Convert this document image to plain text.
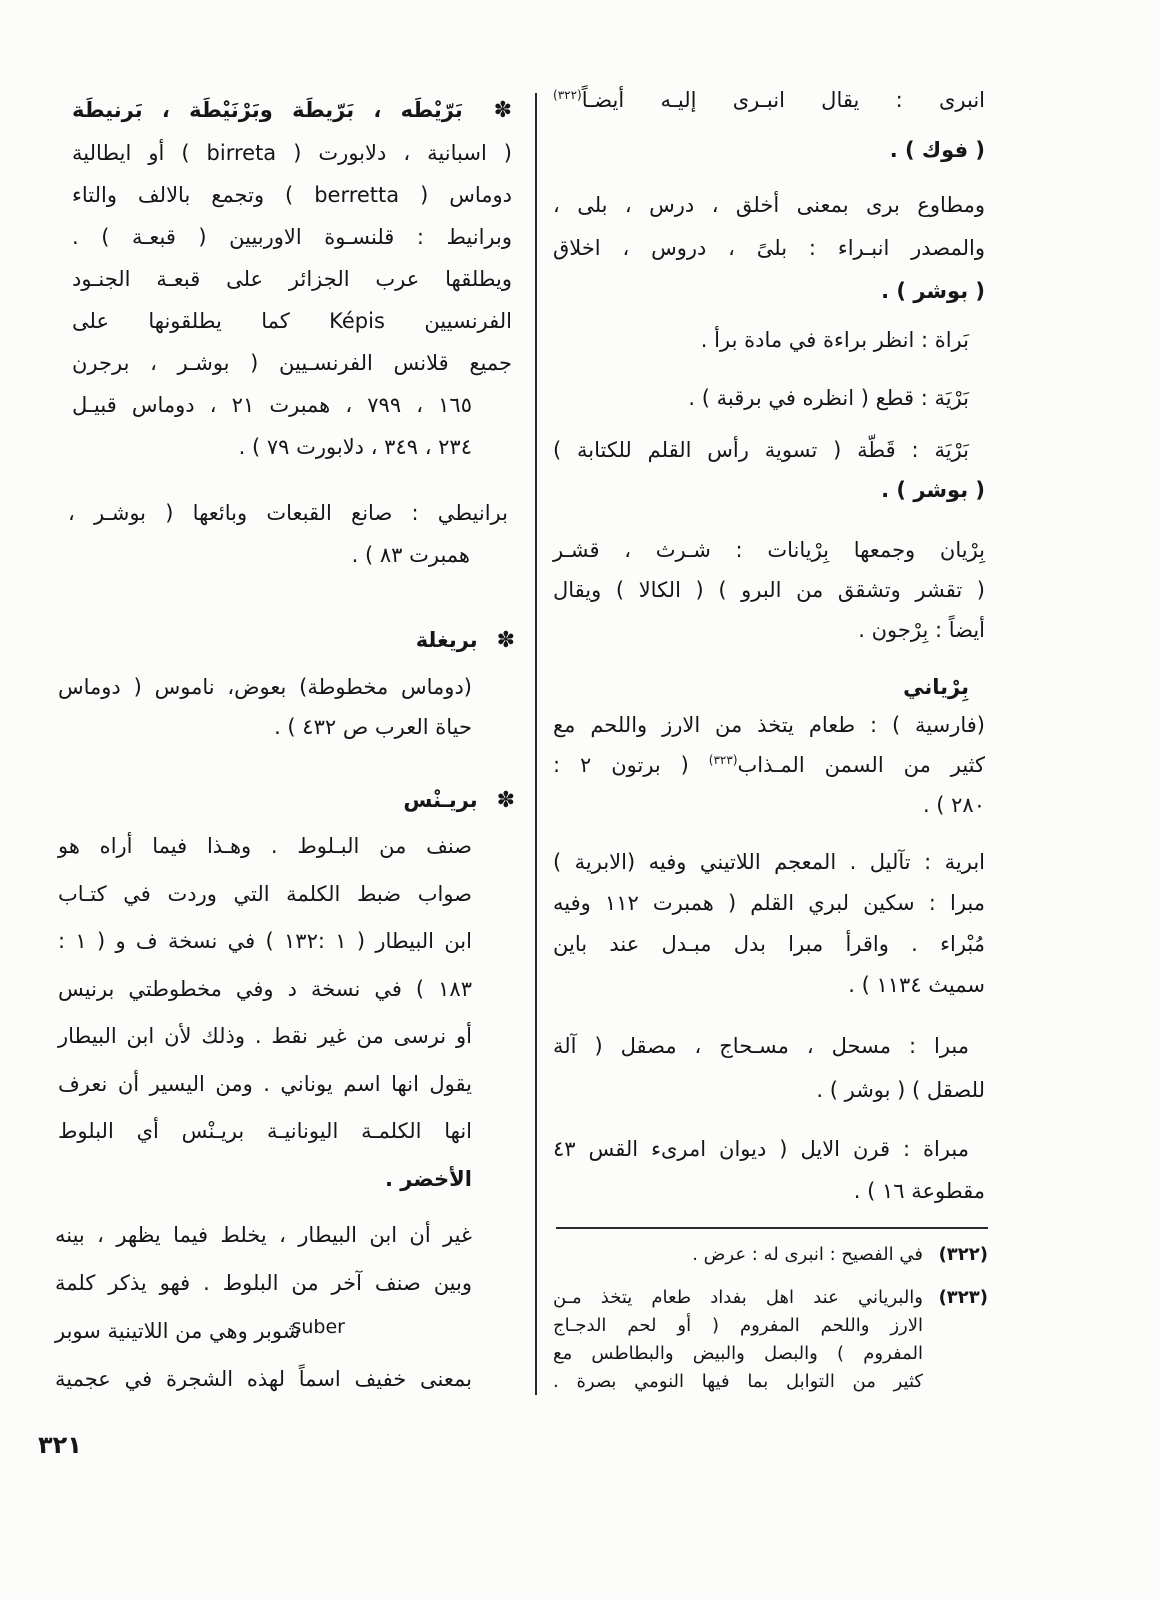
انبرى : يقال انبـرى إليـه أيضـاً$^{(٣٢٢)}$
( فوك ) .
ومطاوع برى بمعنى أخلق ، درس ، بلى ،
والمصدر انبـراء : بلىً ، دروس ، اخلاق
( بوشر ) .
بَراة : انظر براءة في مادة برأ .
بَرْيَة : قطع ( انظره في برقبة ) .
بَرْيَة : قَطّة ( تسوية رأس القلم للكتابة )
( بوشر ) .
بِرْيان وجمعها بِرْيانات : شـرث ، قشـر
( تقشر وتشقق من البرو ) ( الكالا ) ويقال
أيضاً : بِرْجون .
بِرْياني
(فارسية ) : طعام يتخذ من الارز واللحم مع
كثير من السمن المـذاب$^{(٣٢٣)}$ ( برتون ٢ :
٢٨٠ ) .
ابرية : تآليل . المعجم اللاتيني وفيه (الابرية )
مبرا : سكين لبري القلم ( همبرت ١١٢ وفيه
مُبْراء . واقرأ مبرا بدل مبـدل عند باين
سميث ١١٣٤ ) .
مبرا : مسحل ، مسـحاج ، مصقل ( آلة
للصقل ) ( بوشر ) .
مبراة : قرن الايل ( ديوان امرىء القس ٤٣
مقطوعة ١٦ ) .
(٣٢٢)
في الفصيح : انبرى له : عرض .
(٣٢٣)
والبرياني عند اهل بفداد طعام يتخذ مـن
الارز واللحم المفروم ( أو لحم الدجـاج
المفروم ) والبصل والبيض والبطاطس مع
كثير من التوابل بما فيها النومي بصرة .
✽ بَرّيْطَه ، بَرّيطَة وبَرْنَيْطَة ، بَرنيطَة
( اسبانية ، دلابورت ( birreta ) أو ايطالية
دوماس ( berretta ) وتجمع بالالف والتاء
وبرانيط : قلنسـوة الاوربيين ( قبعـة ) .
ويطلقها عرب الجزائر على قبعـة الجنـود
الفرنسيين Képis كما يطلقونها على
جميع قلانس الفرنسـيين ( بوشـر ، برجرن
١٦٥ ، ٧٩٩ ، همبرت ٢١ ، دوماس قبيـل
٢٣٤ ، ٣٤٩ ، دلابورت ٧٩ ) .
برانيطي : صانع القبعات وبائعها ( بوشـر ،
همبرت ٨٣ ) .
✽ بريغلة
(دوماس مخطوطة) بعوض، ناموس ( دوماس
حياة العرب ص ٤٣٢ ) .
✽ بريـنْس
صنف من البـلوط . وهـذا فيما أراه هو
صواب ضبط الكلمة التي وردت في كتـاب
ابن البيطار ( ١ :١٣٢ ) في نسخة ف و ( ١ :
١٨٣ ) في نسخة د وفي مخطوطتي برنيس
أو نرسى من غير نقط . وذلك لأن ابن البيطار
يقول انها اسم يوناني . ومن اليسير أن نعرف
انها الكلمـة اليونانيـة بريـنْس أي البلوط
الأخضر .
غير أن ابن البيطار ، يخلط فيما يظهر ، بينه
وبين صنف آخر من البلوط . فهو يذكر كلمة
شوبر وهي من اللاتينية سوبر
suber
بمعنى خفيف اسماً لهذه الشجرة في عجمية
٣٢١
